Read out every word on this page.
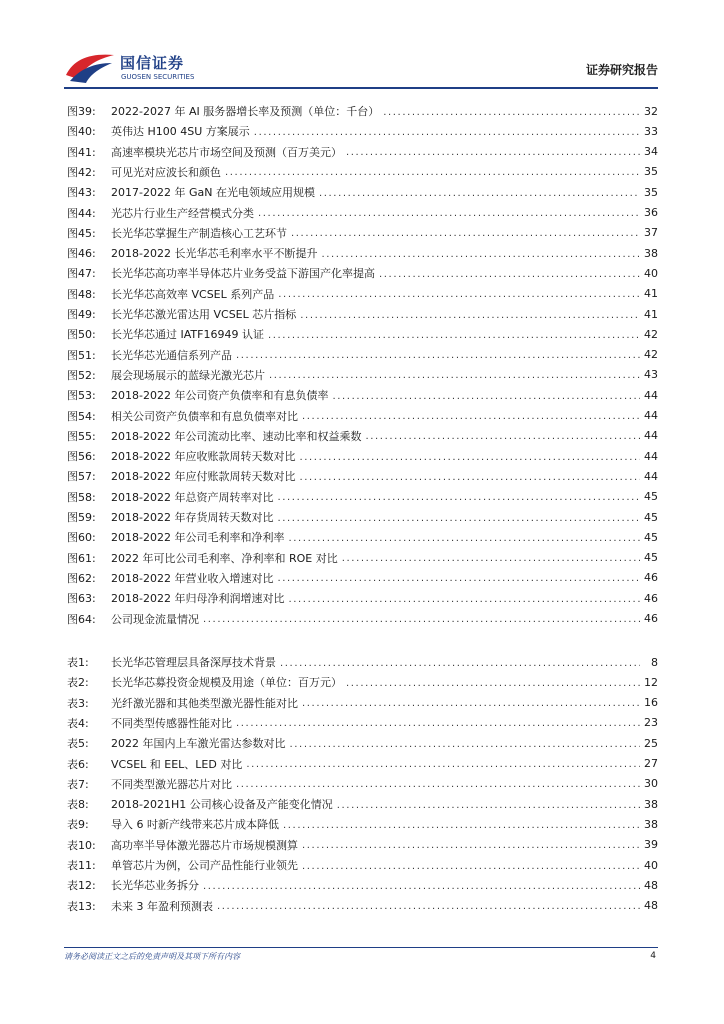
国信证券
GUOSEN SECURITIES	证券研究报告
图39:	2022-2027 年 AI 服务器增长率及预测（单位：千台） .....	32
图40:	英伟达 H100 4SU 方案展示 .....	33
图41:	高速率模块光芯片市场空间及预测（百万美元） .....	34
图42:	可见光对应波长和颜色 .....	35
图43:	2017-2022 年 GaN 在光电领域应用规模 .....	35
图44:	光芯片行业生产经营模式分类 .....	36
图45:	长光华芯掌握生产制造核心工艺环节 .....	37
图46:	2018-2022 长光华芯毛利率水平不断提升 .....	38
图47:	长光华芯高功率半导体芯片业务受益下游国产化率提高 .....	40
图48:	长光华芯高效率 VCSEL 系列产品 .....	41
图49:	长光华芯激光雷达用 VCSEL 芯片指标 .....	41
图50:	长光华芯通过 IATF16949 认证 .....	42
图51:	长光华芯光通信系列产品 .....	42
图52:	展会现场展示的蓝绿光激光芯片 .....	43
图53:	2018-2022 年公司资产负债率和有息负债率 .....	44
图54:	相关公司资产负债率和有息负债率对比 .....	44
图55:	2018-2022 年公司流动比率、速动比率和权益乘数 .....	44
图56:	2018-2022 年应收账款周转天数对比 .....	44
图57:	2018-2022 年应付账款周转天数对比 .....	44
图58:	2018-2022 年总资产周转率对比 .....	45
图59:	2018-2022 年存货周转天数对比 .....	45
图60:	2018-2022 年公司毛利率和净利率 .....	45
图61:	2022 年可比公司毛利率、净利率和 ROE 对比 .....	45
图62:	2018-2022 年营业收入增速对比 .....	46
图63:	2018-2022 年归母净利润增速对比 .....	46
图64:	公司现金流量情况 .....	46
表1:	长光华芯管理层具备深厚技术背景 .....	8
表2:	长光华芯募投资金规模及用途（单位：百万元） .....	12
表3:	光纤激光器和其他类型激光器性能对比 .....	16
表4:	不同类型传感器性能对比 .....	23
表5:	2022 年国内上车激光雷达参数对比 .....	25
表6:	VCSEL 和 EEL、LED 对比 .....	27
表7:	不同类型激光器芯片对比 .....	30
表8:	2018-2021H1 公司核心设备及产能变化情况 .....	38
表9:	导入 6 吋新产线带来芯片成本降低 .....	38
表10:	高功率半导体激光器芯片市场规模测算 .....	39
表11:	单管芯片为例，公司产品性能行业领先 .....	40
表12:	长光华芯业务拆分 .....	48
表13:	未来 3 年盈利预测表 .....	48
请务必阅读正文之后的免责声明及其项下所有内容	4
